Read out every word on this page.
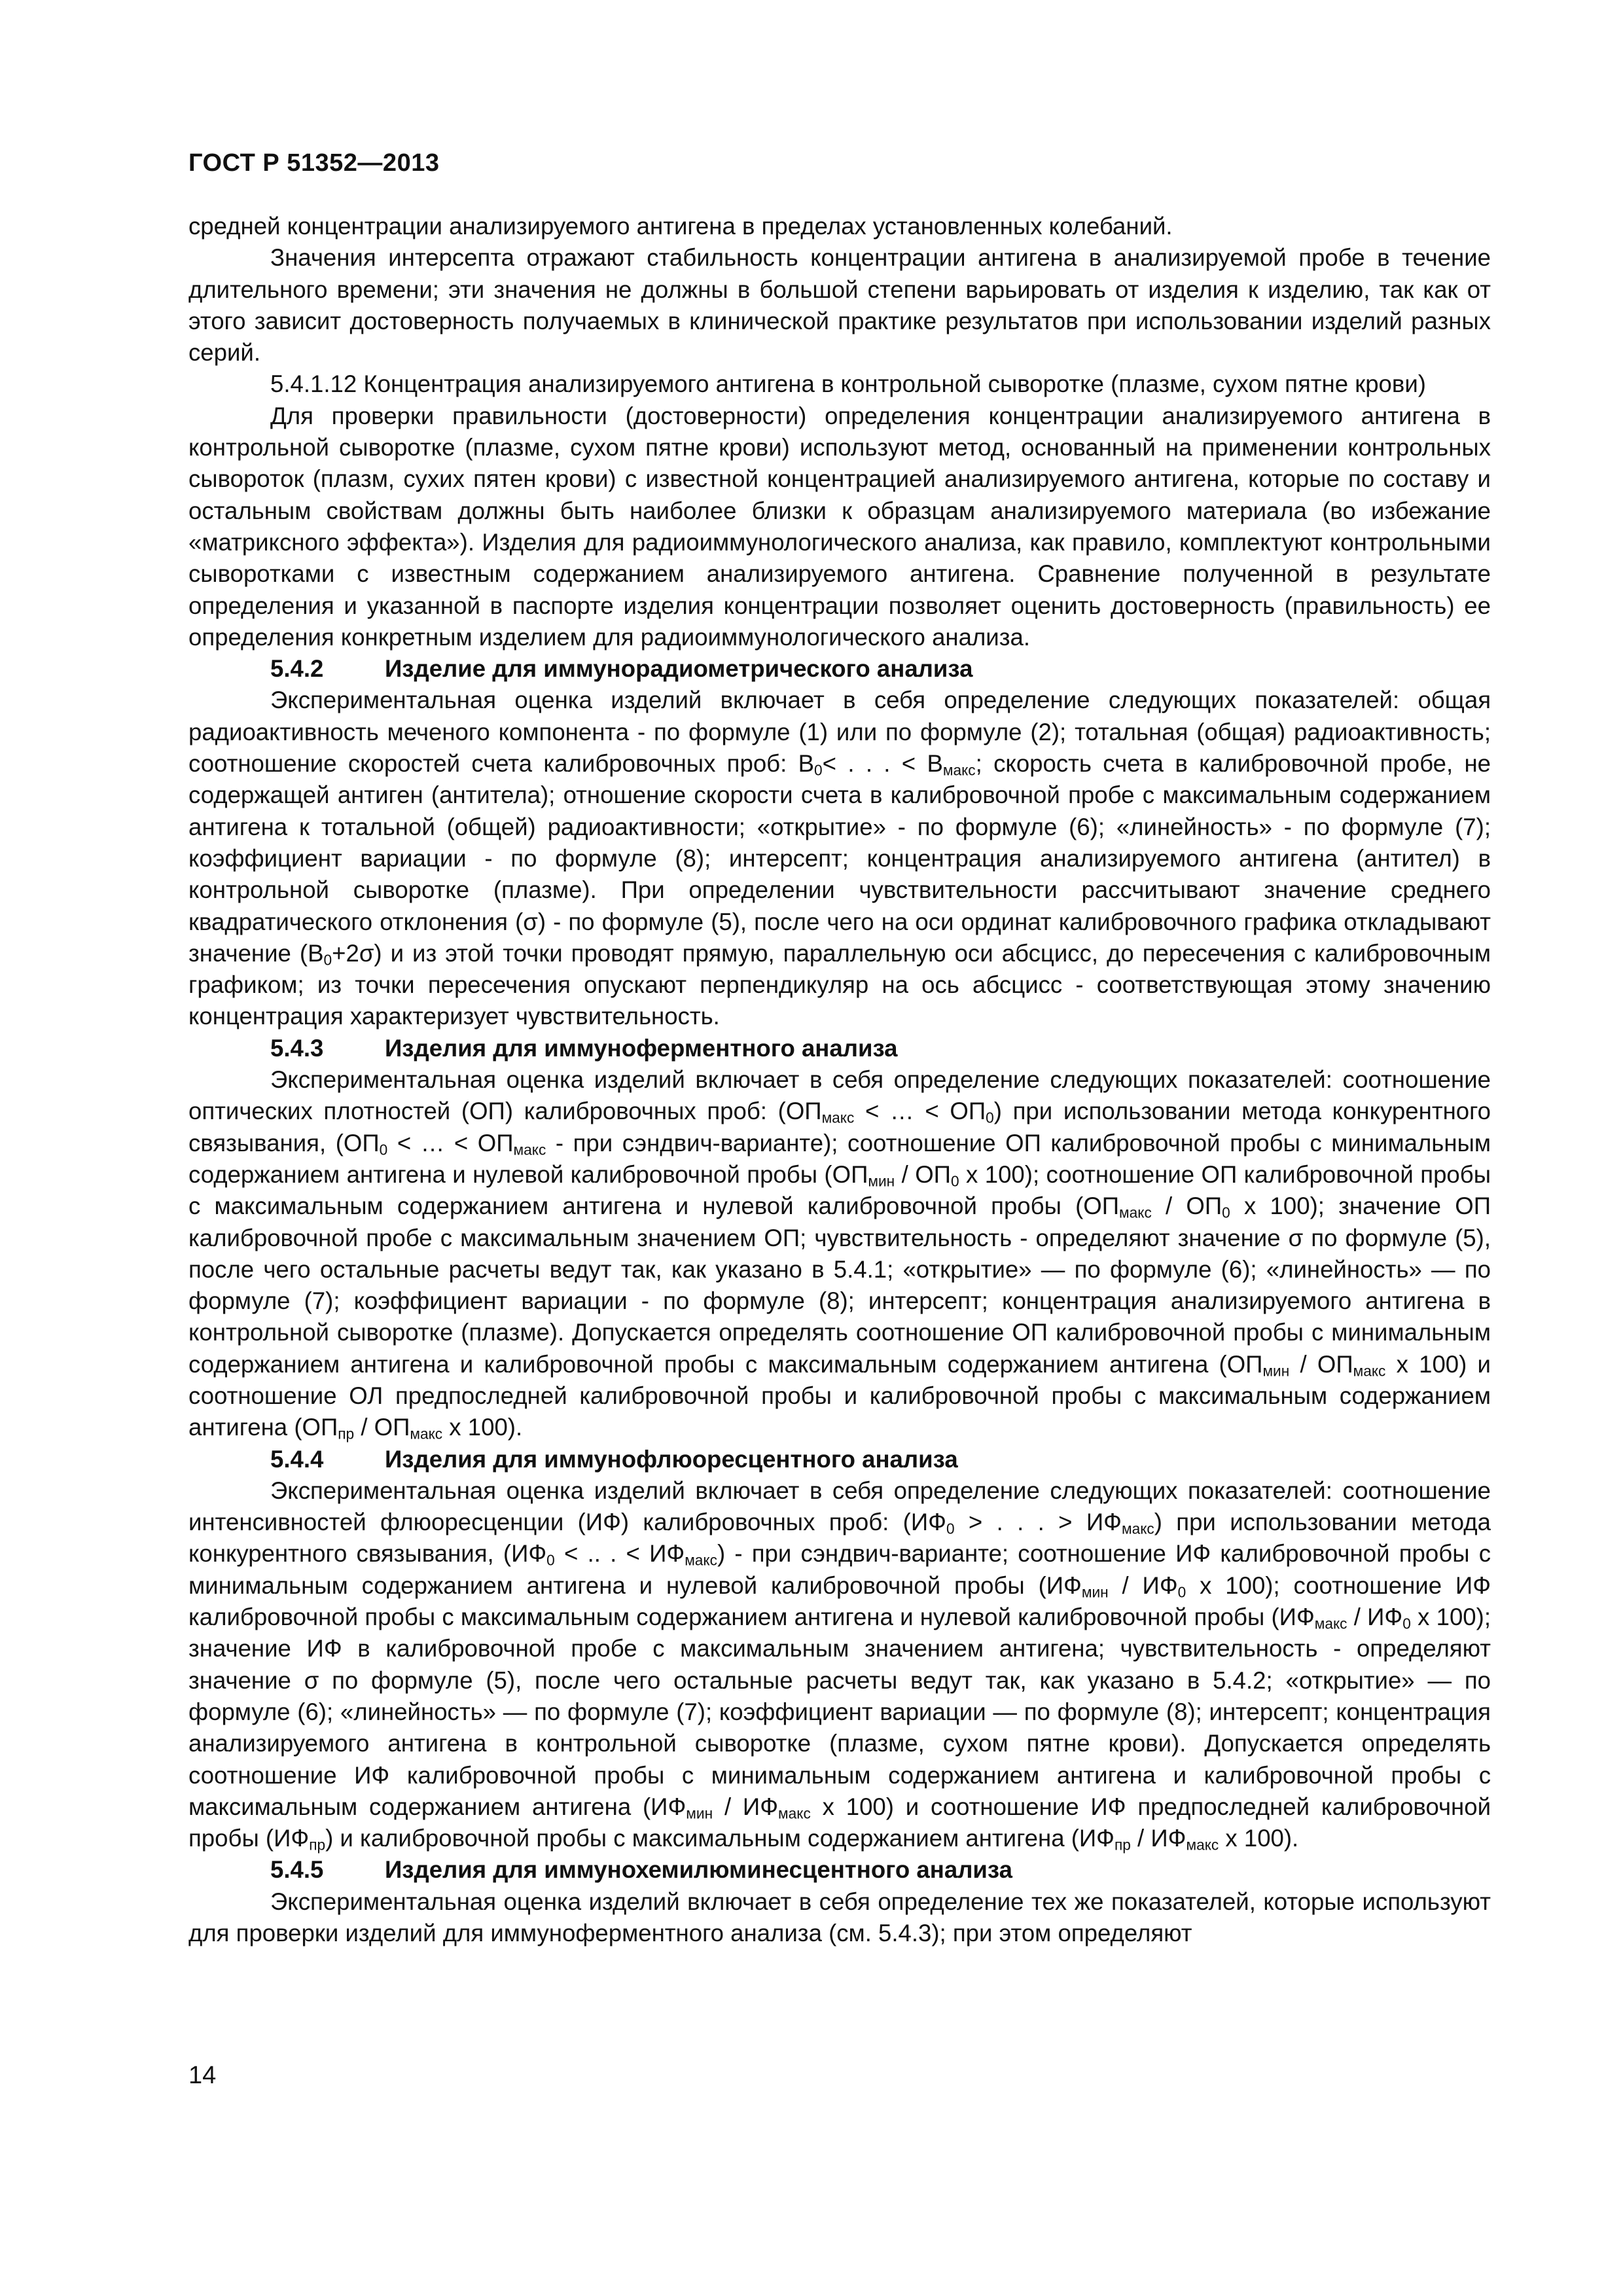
ГОСТ Р 51352—2013

средней концентрации анализируемого антигена в пределах установленных колебаний.

Значения интерсепта отражают стабильность концентрации антигена в анализируемой пробе в течение длительного времени; эти значения не должны в большой степени варьировать от изделия к изделию, так как от этого зависит достоверность получаемых в клинической практике результатов при использовании изделий разных серий.

5.4.1.12 Концентрация анализируемого антигена в контрольной сыворотке (плазме, сухом пятне крови)

Для проверки правильности (достоверности) определения концентрации анализируемого антигена в контрольной сыворотке (плазме, сухом пятне крови) используют метод, основанный на применении контрольных сывороток (плазм, сухих пятен крови) с известной концентрацией анализируемого антигена, которые по составу и остальным свойствам должны быть наиболее близки к образцам анализируемого материала (во избежание «матриксного эффекта»). Изделия для радиоиммунологического анализа, как правило, комплектуют контрольными сыворотками с известным содержанием анализируемого антигена. Сравнение полученной в результате определения и указанной в паспорте изделия концентрации позволяет оценить достоверность (правильность) ее определения конкретным изделием для радиоиммунологического анализа.

5.4.2	Изделие для иммунорадиометрического анализа

Экспериментальная оценка изделий включает в себя определение следующих показателей: общая радиоактивность меченого компонента - по формуле (1) или по формуле (2); тотальная (общая) радиоактивность; соотношение скоростей счета калибровочных проб: $B_0<$ . . . < $B_{макс}$; скорость счета в калибровочной пробе, не содержащей антиген (антитела); отношение скорости счета в калибровочной пробе с максимальным содержанием антигена к тотальной (общей) радиоактивности; «открытие» - по формуле (6); «линейность» - по формуле (7); коэффициент вариации - по формуле (8); интерсепт; концентрация анализируемого антигена (антител) в контрольной сыворотке (плазме). При определении чувствительности рассчитывают значение среднего квадратического отклонения (σ) - по формуле (5), после чего на оси ординат калибровочного графика откладывают значение $(B_0+2\sigma)$ и из этой точки проводят прямую, параллельную оси абсцисс, до пересечения с калибровочным графиком; из точки пересечения опускают перпендикуляр на ось абсцисс - соответствующая этому значению концентрация характеризует чувствительность.

5.4.3	Изделия для иммуноферментного анализа

Экспериментальная оценка изделий включает в себя определение следующих показателей: соотношение оптических плотностей (ОП) калибровочных проб: ($ОП_{макс}$ < … < $ОП_0$) при использовании метода конкурентного связывания, ($ОП_0$ < … < $ОП_{макс}$ - при сэндвич-варианте); соотношение ОП калибровочной пробы с минимальным содержанием антигена и нулевой калибровочной пробы ($ОП_{мин} / ОП_0$ х 100); соотношение ОП калибровочной пробы с максимальным содержанием антигена и нулевой калибровочной пробы ($ОП_{макс} / ОП_0$ х 100); значение ОП калибровочной пробе с максимальным значением ОП; чувствительность - определяют значение σ по формуле (5), после чего остальные расчеты ведут так, как указано в 5.4.1; «открытие» — по формуле (6); «линейность» — по формуле (7); коэффициент вариации - по формуле (8); интерсепт; концентрация анализируемого антигена в контрольной сыворотке (плазме). Допускается определять соотношение ОП калибровочной пробы с минимальным содержанием антигена и калибровочной пробы с максимальным содержанием антигена ($ОП_{мин} / ОП_{макс}$ х 100) и соотношение ОЛ предпоследней калибровочной пробы и калибровочной пробы с максимальным содержанием антигена ($ОП_{пр} / ОП_{макс}$ х 100).

5.4.4	Изделия для иммунофлюоресцентного анализа

Экспериментальная оценка изделий включает в себя определение следующих показателей: соотношение интенсивностей флюоресценции (ИФ) калибровочных проб: ($ИФ_0$ > . . . > $ИФ_{макс}$) при использовании метода конкурентного связывания, ($ИФ_0$ < .. . < $ИФ_{макс}$) - при сэндвич-варианте; соотношение ИФ калибровочной пробы с минимальным содержанием антигена и нулевой калибровочной пробы ($ИФ_{мин} / ИФ_0$ х 100); соотношение ИФ калибровочной пробы с максимальным содержанием антигена и нулевой калибровочной пробы ($ИФ_{макс} / ИФ_0$ х 100); значение ИФ в калибровочной пробе с максимальным значением антигена; чувствительность - определяют значение σ по формуле (5), после чего остальные расчеты ведут так, как указано в 5.4.2; «открытие» — по формуле (6); «линейность» — по формуле (7); коэффициент вариации — по формуле (8); интерсепт; концентрация анализируемого антигена в контрольной сыворотке (плазме, сухом пятне крови). Допускается определять соотношение ИФ калибровочной пробы с минимальным содержанием антигена и калибровочной пробы с максимальным содержанием антигена ($ИФ_{мин} / ИФ_{макс}$ х 100) и соотношение ИФ предпоследней калибровочной пробы $(ИФ_{пр})$ и калибровочной пробы с максимальным содержанием антигена ($ИФ_{пр} / ИФ_{макс}$ х 100).

5.4.5	Изделия для иммунохемилюминесцентного анализа

Экспериментальная оценка изделий включает в себя определение тех же показателей, которые используют для проверки изделий для иммуноферментного анализа (см. 5.4.3); при этом определяют

14
